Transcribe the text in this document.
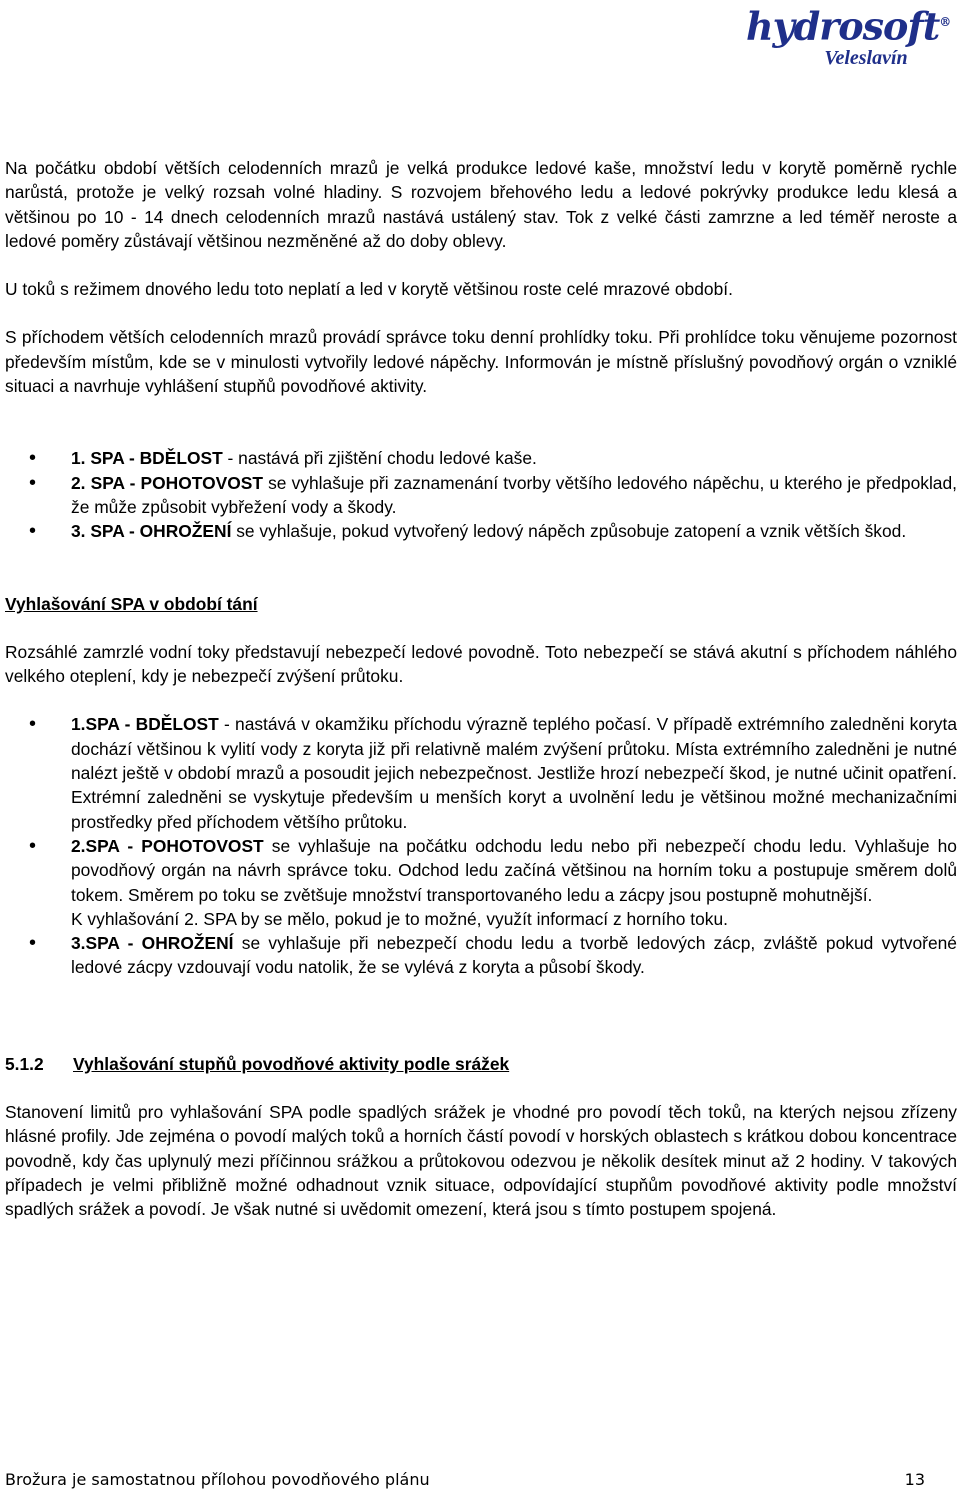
hydrosoft®
Veleslavín

Na počátku období větších celodenních mrazů je velká produkce ledové kaše, množství ledu v korytě poměrně rychle narůstá, protože je velký rozsah volné hladiny. S rozvojem břehového ledu a ledové pokrývky produkce ledu klesá a většinou po 10 - 14 dnech celodenních mrazů nastává ustálený stav. Tok z velké části zamrzne a led téměř neroste a ledové poměry zůstávají většinou nezměněné až do doby oblevy.

U toků s režimem dnového ledu toto neplatí a led v korytě většinou roste celé mrazové období.

S příchodem větších celodenních mrazů provádí správce toku denní prohlídky toku. Při prohlídce toku věnujeme pozornost především místům, kde se v minulosti vytvořily ledové nápěchy. Informován je místně příslušný povodňový orgán o vzniklé situaci a navrhuje vyhlášení stupňů povodňové aktivity.

• 1. SPA - BDĚLOST - nastává při zjištění chodu ledové kaše.
• 2. SPA - POHOTOVOST se vyhlašuje při zaznamenání tvorby většího ledového nápěchu, u kterého je předpoklad, že může způsobit vybřežení vody a škody.
• 3. SPA - OHROŽENÍ se vyhlašuje, pokud vytvořený ledový nápěch způsobuje zatopení a vznik větších škod.

Vyhlašování SPA v období tání

Rozsáhlé zamrzlé vodní toky představují nebezpečí ledové povodně. Toto nebezpečí se stává akutní s příchodem náhlého velkého oteplení, kdy je nebezpečí zvýšení průtoku.

• 1.SPA - BDĚLOST - nastává v okamžiku příchodu výrazně teplého počasí. V případě extrémního zaledněni koryta dochází většinou k vylití vody z koryta již při relativně malém zvýšení průtoku. Místa extrémního zaledněni je nutné nalézt ještě v období mrazů a posoudit jejich nebezpečnost. Jestliže hrozí nebezpečí škod, je nutné učinit opatření. Extrémní zaledněni se vyskytuje především u menších koryt a uvolnění ledu je většinou možné mechanizačními prostředky před příchodem většího průtoku.
• 2.SPA - POHOTOVOST se vyhlašuje na počátku odchodu ledu nebo při nebezpečí chodu ledu. Vyhlašuje ho povodňový orgán na návrh správce toku. Odchod ledu začíná většinou na horním toku a postupuje směrem dolů tokem. Směrem po toku se zvětšuje množství transportovaného ledu a zácpy jsou postupně mohutnější.
K vyhlašování 2. SPA by se mělo, pokud je to možné, využít informací z horního toku.
• 3.SPA - OHROŽENÍ se vyhlašuje při nebezpečí chodu ledu a tvorbě ledových zácp, zvláště pokud vytvořené ledové zácpy vzdouvají vodu natolik, že se vylévá z koryta a působí škody.
5.1.2	Vyhlašování stupňů povodňové aktivity podle srážek

Stanovení limitů pro vyhlašování SPA podle spadlých srážek je vhodné pro povodí těch toků, na kterých nejsou zřízeny hlásné profily. Jde zejména o povodí malých toků a horních částí povodí v horských oblastech s krátkou dobou koncentrace povodně, kdy čas uplynulý mezi příčinnou srážkou a průtokovou odezvou je několik desítek minut až 2 hodiny. V takových případech je velmi přibližně možné odhadnout vznik situace, odpovídající stupňům povodňové aktivity podle množství spadlých srážek a povodí. Je však nutné si uvědomit omezení, která jsou s tímto postupem spojená.

Brožura je samostatnou přílohou povodňového plánu	13
